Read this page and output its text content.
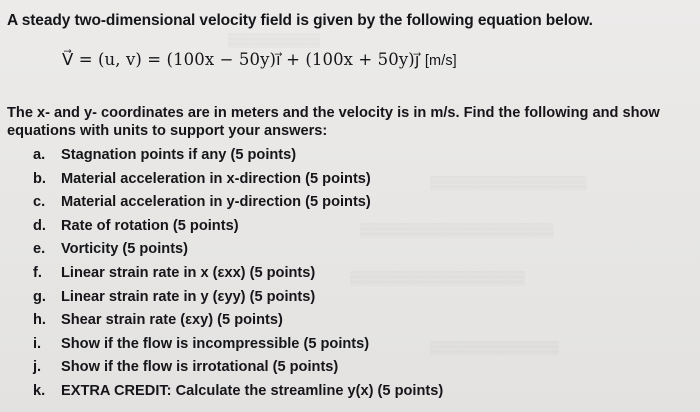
▒▒▒▒▒▒▒▒▒▒
▒▒▒▒▒▒▒▒▒▒▒▒▒▒▒▒▒
▒▒▒▒▒▒▒▒▒▒▒▒▒▒▒▒▒▒▒▒▒
▒▒▒▒▒▒▒▒▒▒▒▒▒▒▒▒▒▒▒
▒▒▒▒▒▒▒▒▒▒▒▒▒▒
A steady two-dimensional velocity field is given by the following equation below.
V⃗ = (u, v) = (100x − 50y)ı⃗ + (100x + 50y)ȷ⃗ [m/s]
The x- and y- coordinates are in meters and the velocity is in m/s. Find the following and show equations with units to support your answers:
a.	Stagnation points if any (5 points)
b.	Material acceleration in x-direction (5 points)
c.	Material acceleration in y-direction (5 points)
d.	Rate of rotation (5 points)
e.	Vorticity (5 points)
f.	Linear strain rate in x (εxx) (5 points)
g.	Linear strain rate in y (εyy) (5 points)
h.	Shear strain rate (εxy) (5 points)
i.	Show if the flow is incompressible (5 points)
j.	Show if the flow is irrotational (5 points)
k.	EXTRA CREDIT: Calculate the streamline y(x) (5 points)
